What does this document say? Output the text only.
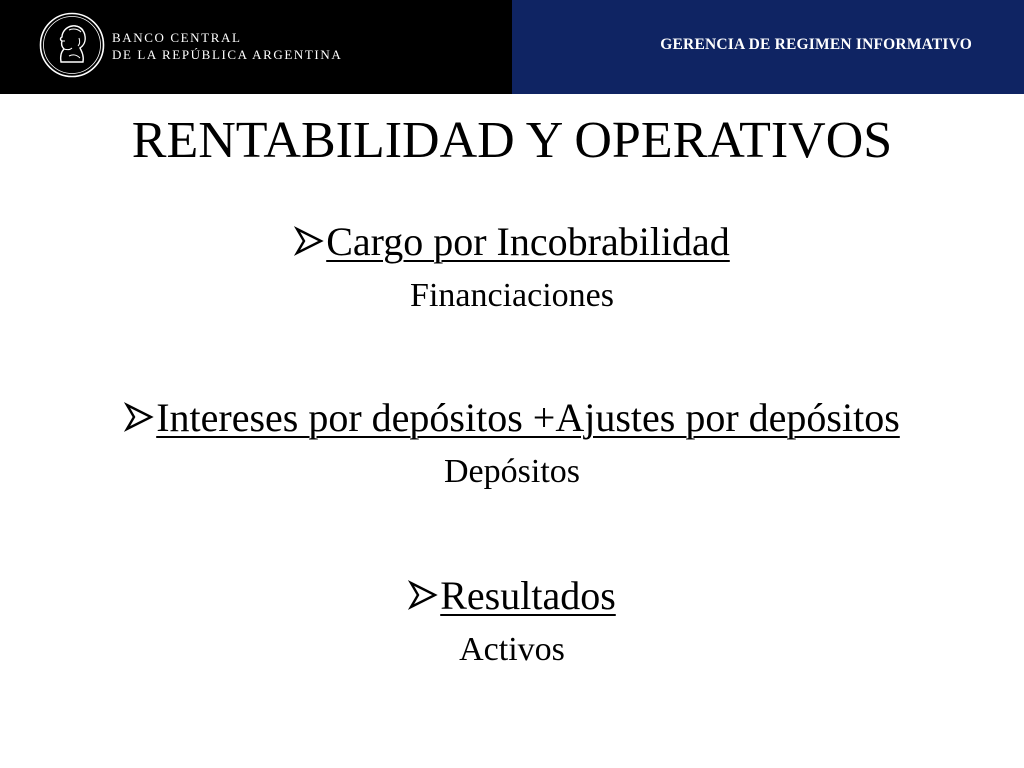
BANCO CENTRAL
DE LA REPÚBLICA ARGENTINA
GERENCIA DE REGIMEN INFORMATIVO
RENTABILIDAD Y OPERATIVOS
Cargo por Incobrabilidad
Financiaciones
Intereses por depósitos +Ajustes por depósitos
Depósitos
Resultados
Activos
